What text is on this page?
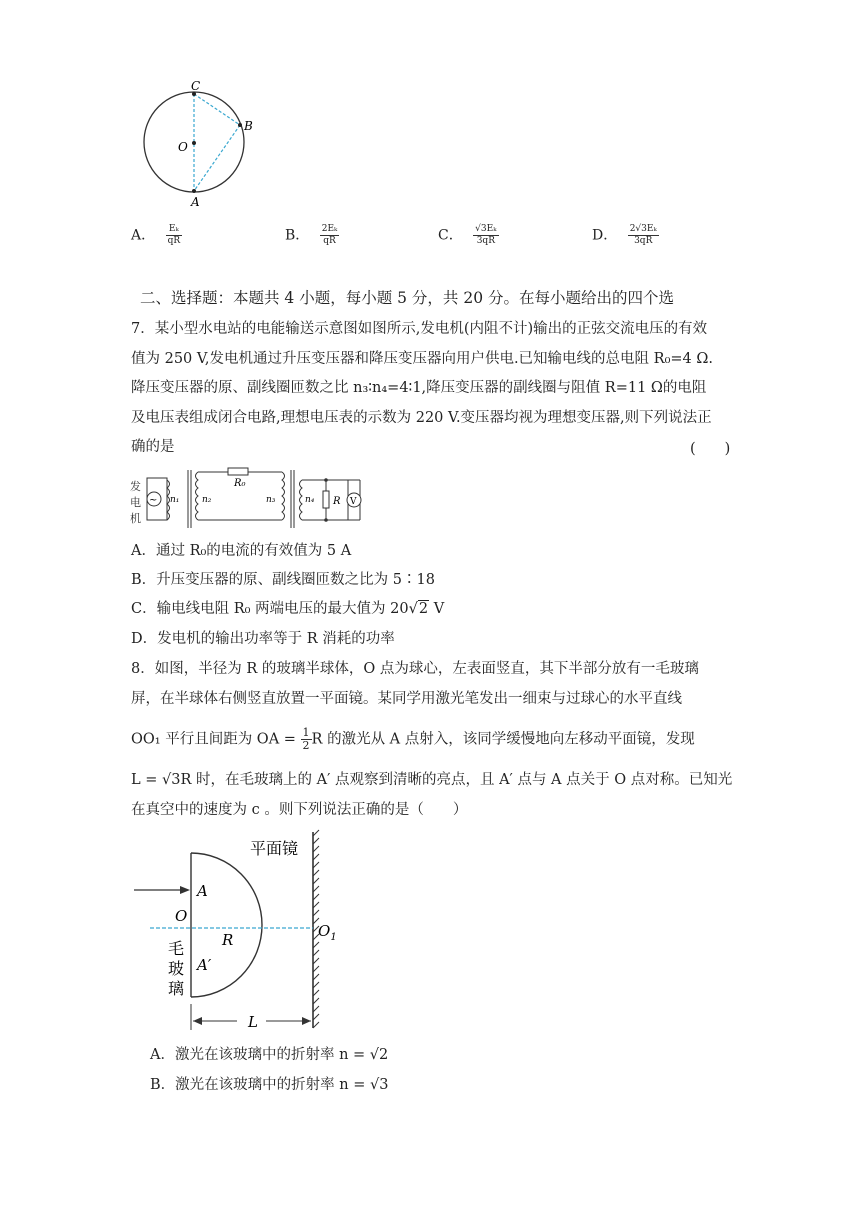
C
B
O
A
A． $\frac{\text{Eₖ}}{qR}$	B． $\frac{\text{2Eₖ}}{qR}$	C． $\frac{\text{√3Eₖ}}{3qR}$	D． $\frac{\text{2√3Eₖ}}{3qR}$
二、选择题：本题共 4 小题，每小题 5 分，共 20 分。在每小题给出的四个选
7．某小型水电站的电能输送示意图如图所示,发电机(内阻不计)输出的正弦交流电压的有效
值为 250 V,发电机通过升压变压器和降压变压器向用户供电.已知输电线的总电阻 R₀=4 Ω.
降压变压器的原、副线圈匝数之比 n₃∶n₄=4∶1,降压变压器的副线圈与阻值 R=11 Ω的电阻
及电压表组成闭合电路,理想电压表的示数为 220 V.变压器均视为理想变压器,则下列说法正
确的是	(　　)
发
电
机
~ n₁	n₂
R₀
n₃	n₄ R V
A．通过 R₀的电流的有效值为 5 A
B．升压变压器的原、副线圈匝数之比为 5∶18
C．输电线电阻 R₀ 两端电压的最大值为 20√2 V
D．发电机的输出功率等于 R 消耗的功率
8．如图，半径为 R 的玻璃半球体，O 点为球心，左表面竖直，其下半部分放有一毛玻璃
屏，在半球体右侧竖直放置一平面镜。某同学用激光笔发出一细束与过球心的水平直线
OO₁ 平行且间距为 OA = $\frac{1}{2}$ R 的激光从 A 点射入，该同学缓慢地向左移动平面镜，发现
L = √3R 时，在毛玻璃上的 A′ 点观察到清晰的亮点，且 A′ 点与 A 点关于 O 点对称。已知光
在真空中的速度为 c 。则下列说法正确的是（　　）
平面镜
A
O
R	$O_1$
A′
毛
玻
璃
L
A．激光在该玻璃中的折射率 n = √2
B．激光在该玻璃中的折射率 n = √3
